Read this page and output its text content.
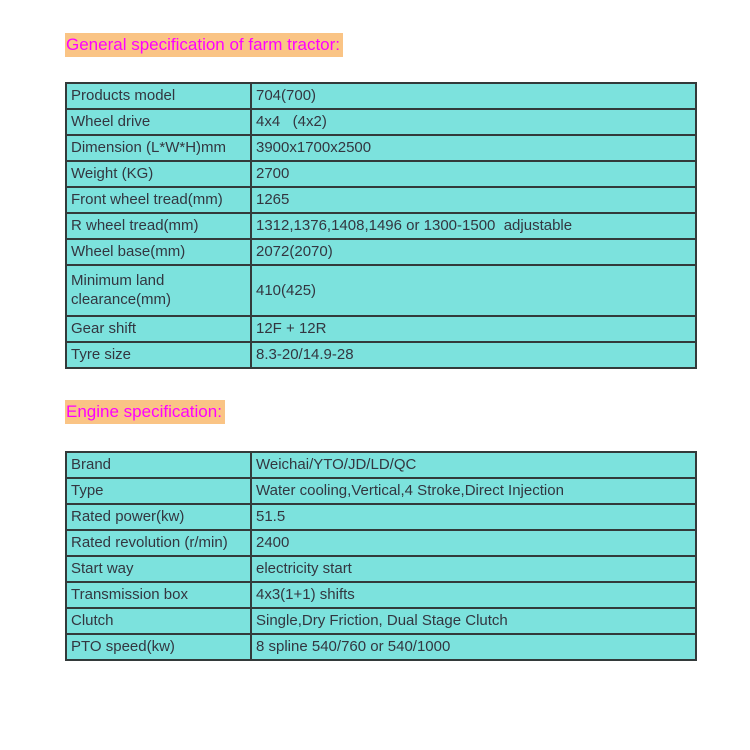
General specification of farm tractor:
Products model	704(700)
Wheel drive	4x4   (4x2)
Dimension (L*W*H)mm	3900x1700x2500
Weight (KG)	2700
Front wheel tread(mm)	1265
R wheel tread(mm)	1312,1376,1408,1496 or 1300-1500  adjustable
Wheel base(mm)	2072(2070)
Minimum land clearance(mm)	410(425)
Gear shift	12F + 12R
Tyre size	8.3-20/14.9-28
Engine specification:
Brand	Weichai/YTO/JD/LD/QC
Type	Water cooling,Vertical,4 Stroke,Direct Injection
Rated power(kw)	51.5
Rated revolution (r/min)	2400
Start way	electricity start
Transmission box	4x3(1+1) shifts
Clutch	Single,Dry Friction, Dual Stage Clutch
PTO speed(kw)	8 spline 540/760 or 540/1000
